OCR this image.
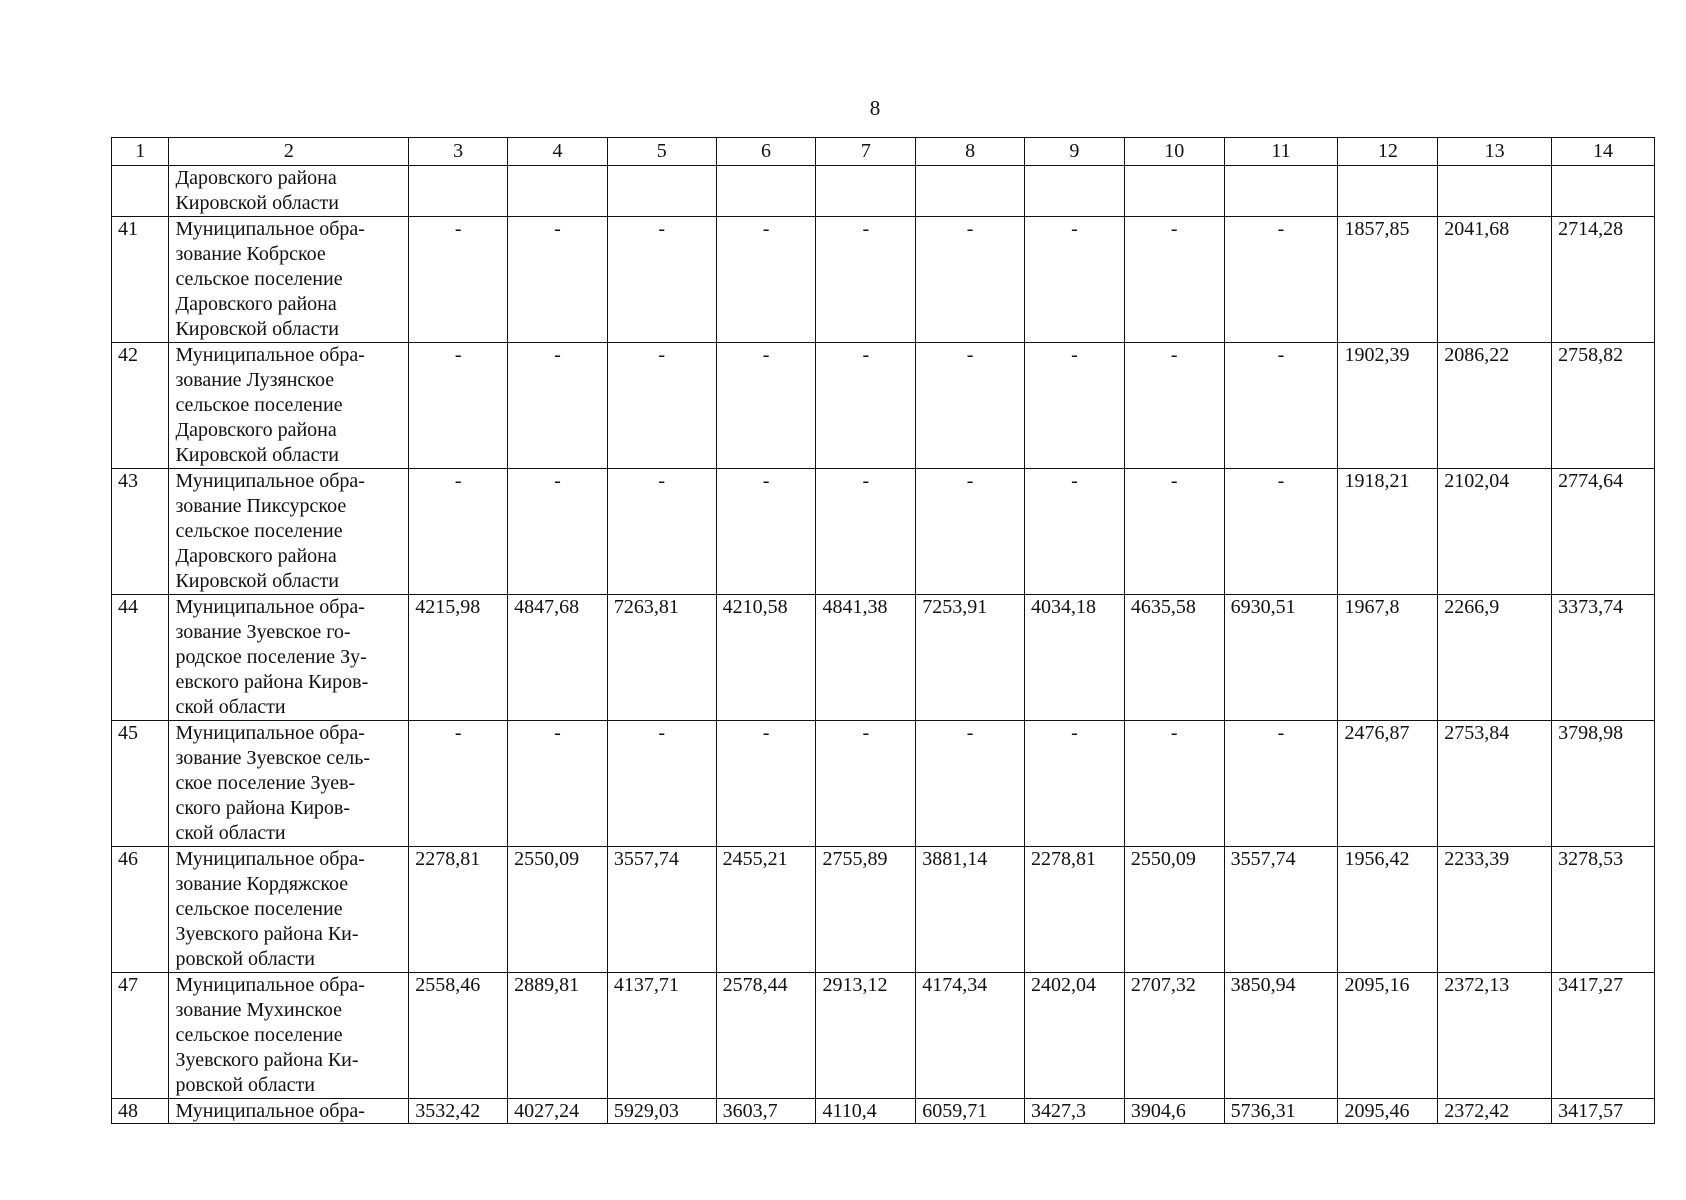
8
1	2	3	4	5	6	7	8	9	10	11	12	13	14
	Даровского района
Кировской области												
41	Муниципальное обра-
зование Кобрское
сельское поселение
Даровского района
Кировской области	-	-	-	-	-	-	-	-	-	1857,85	2041,68	2714,28
42	Муниципальное обра-
зование Лузянское
сельское поселение
Даровского района
Кировской области	-	-	-	-	-	-	-	-	-	1902,39	2086,22	2758,82
43	Муниципальное обра-
зование Пиксурское
сельское поселение
Даровского района
Кировской области	-	-	-	-	-	-	-	-	-	1918,21	2102,04	2774,64
44	Муниципальное обра-
зование Зуевское го-
родское поселение Зу-
евского района Киров-
ской области	4215,98	4847,68	7263,81	4210,58	4841,38	7253,91	4034,18	4635,58	6930,51	1967,8	2266,9	3373,74
45	Муниципальное обра-
зование Зуевское сель-
ское поселение Зуев-
ского района Киров-
ской области	-	-	-	-	-	-	-	-	-	2476,87	2753,84	3798,98
46	Муниципальное обра-
зование Кордяжское
сельское поселение
Зуевского района Ки-
ровской области	2278,81	2550,09	3557,74	2455,21	2755,89	3881,14	2278,81	2550,09	3557,74	1956,42	2233,39	3278,53
47	Муниципальное обра-
зование Мухинское
сельское поселение
Зуевского района Ки-
ровской области	2558,46	2889,81	4137,71	2578,44	2913,12	4174,34	2402,04	2707,32	3850,94	2095,16	2372,13	3417,27
48	Муниципальное обра-	3532,42	4027,24	5929,03	3603,7	4110,4	6059,71	3427,3	3904,6	5736,31	2095,46	2372,42	3417,57
